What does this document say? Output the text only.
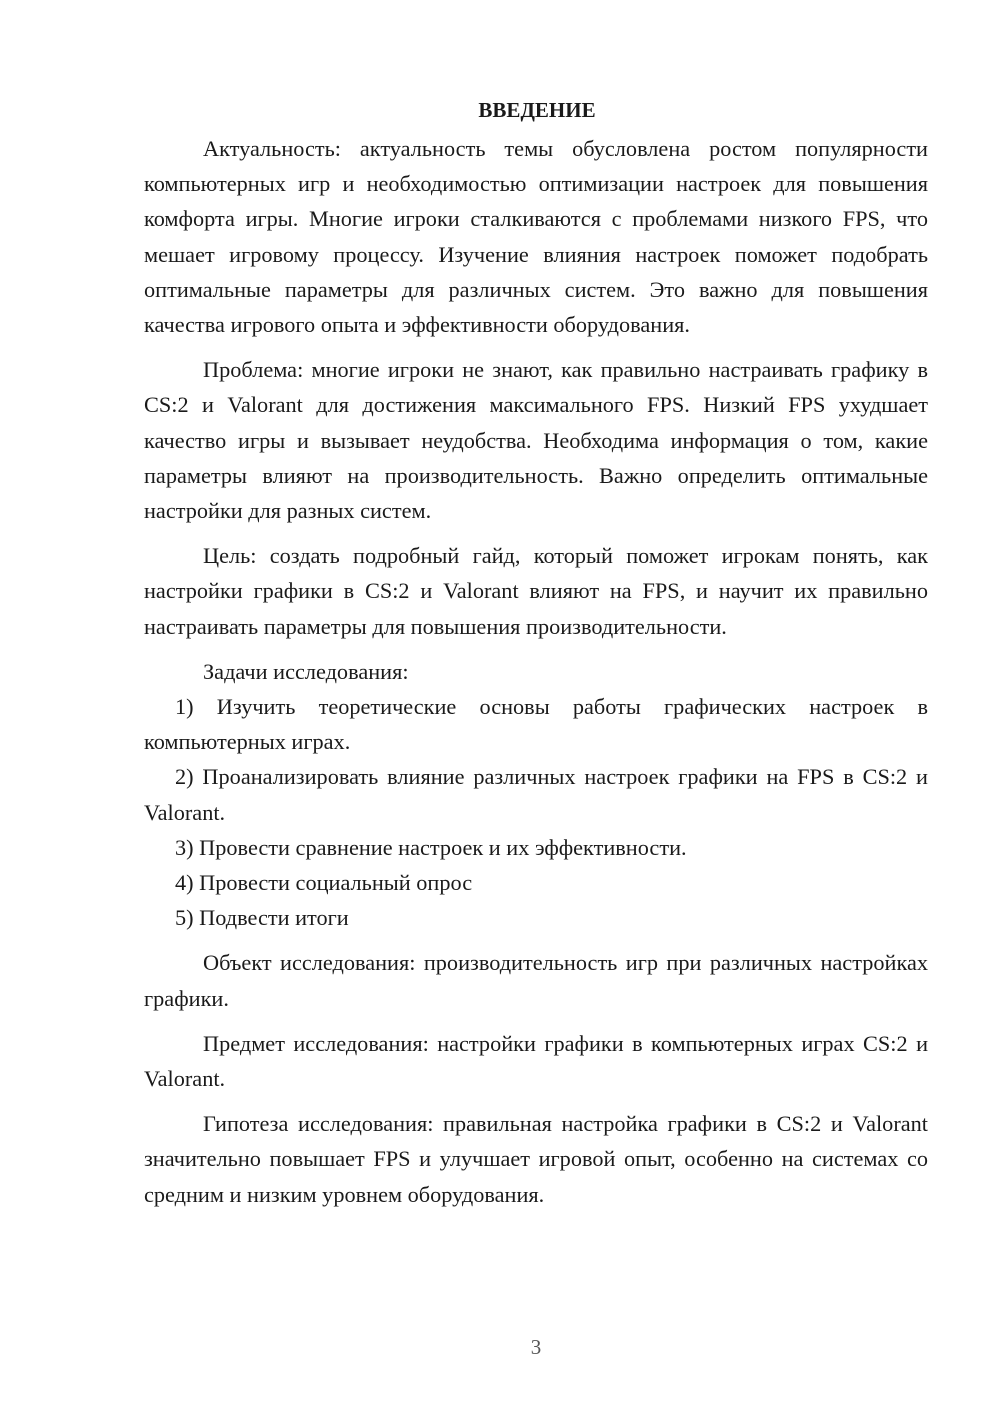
ВВЕДЕНИЕ

Актуальность: актуальность темы обусловлена ростом популярности компьютерных игр и необходимостью оптимизации настроек для повышения комфорта игры. Многие игроки сталкиваются с проблемами низкого FPS, что мешает игровому процессу. Изучение влияния настроек поможет подобрать оптимальные параметры для различных систем. Это важно для повышения качества игрового опыта и эффективности оборудования.

Проблема: многие игроки не знают, как правильно настраивать графику в CS:2 и Valorant для достижения максимального FPS. Низкий FPS ухудшает качество игры и вызывает неудобства. Необходима информация о том, какие параметры влияют на производительность. Важно определить оптимальные настройки для разных систем.

Цель: создать подробный гайд, который поможет игрокам понять, как настройки графики в CS:2 и Valorant влияют на FPS, и научит их правильно настраивать параметры для повышения производительности.

Задачи исследования:

1) Изучить теоретические основы работы графических настроек в компьютерных играх.

2) Проанализировать влияние различных настроек графики на FPS в CS:2 и Valorant.

3) Провести сравнение настроек и их эффективности.

4) Провести социальный опрос

5) Подвести итоги

Объект исследования: производительность игр при различных настройках графики.

Предмет исследования: настройки графики в компьютерных играх CS:2 и Valorant.

Гипотеза исследования: правильная настройка графики в CS:2 и Valorant значительно повышает FPS и улучшает игровой опыт, особенно на системах со средним и низким уровнем оборудования.

3
